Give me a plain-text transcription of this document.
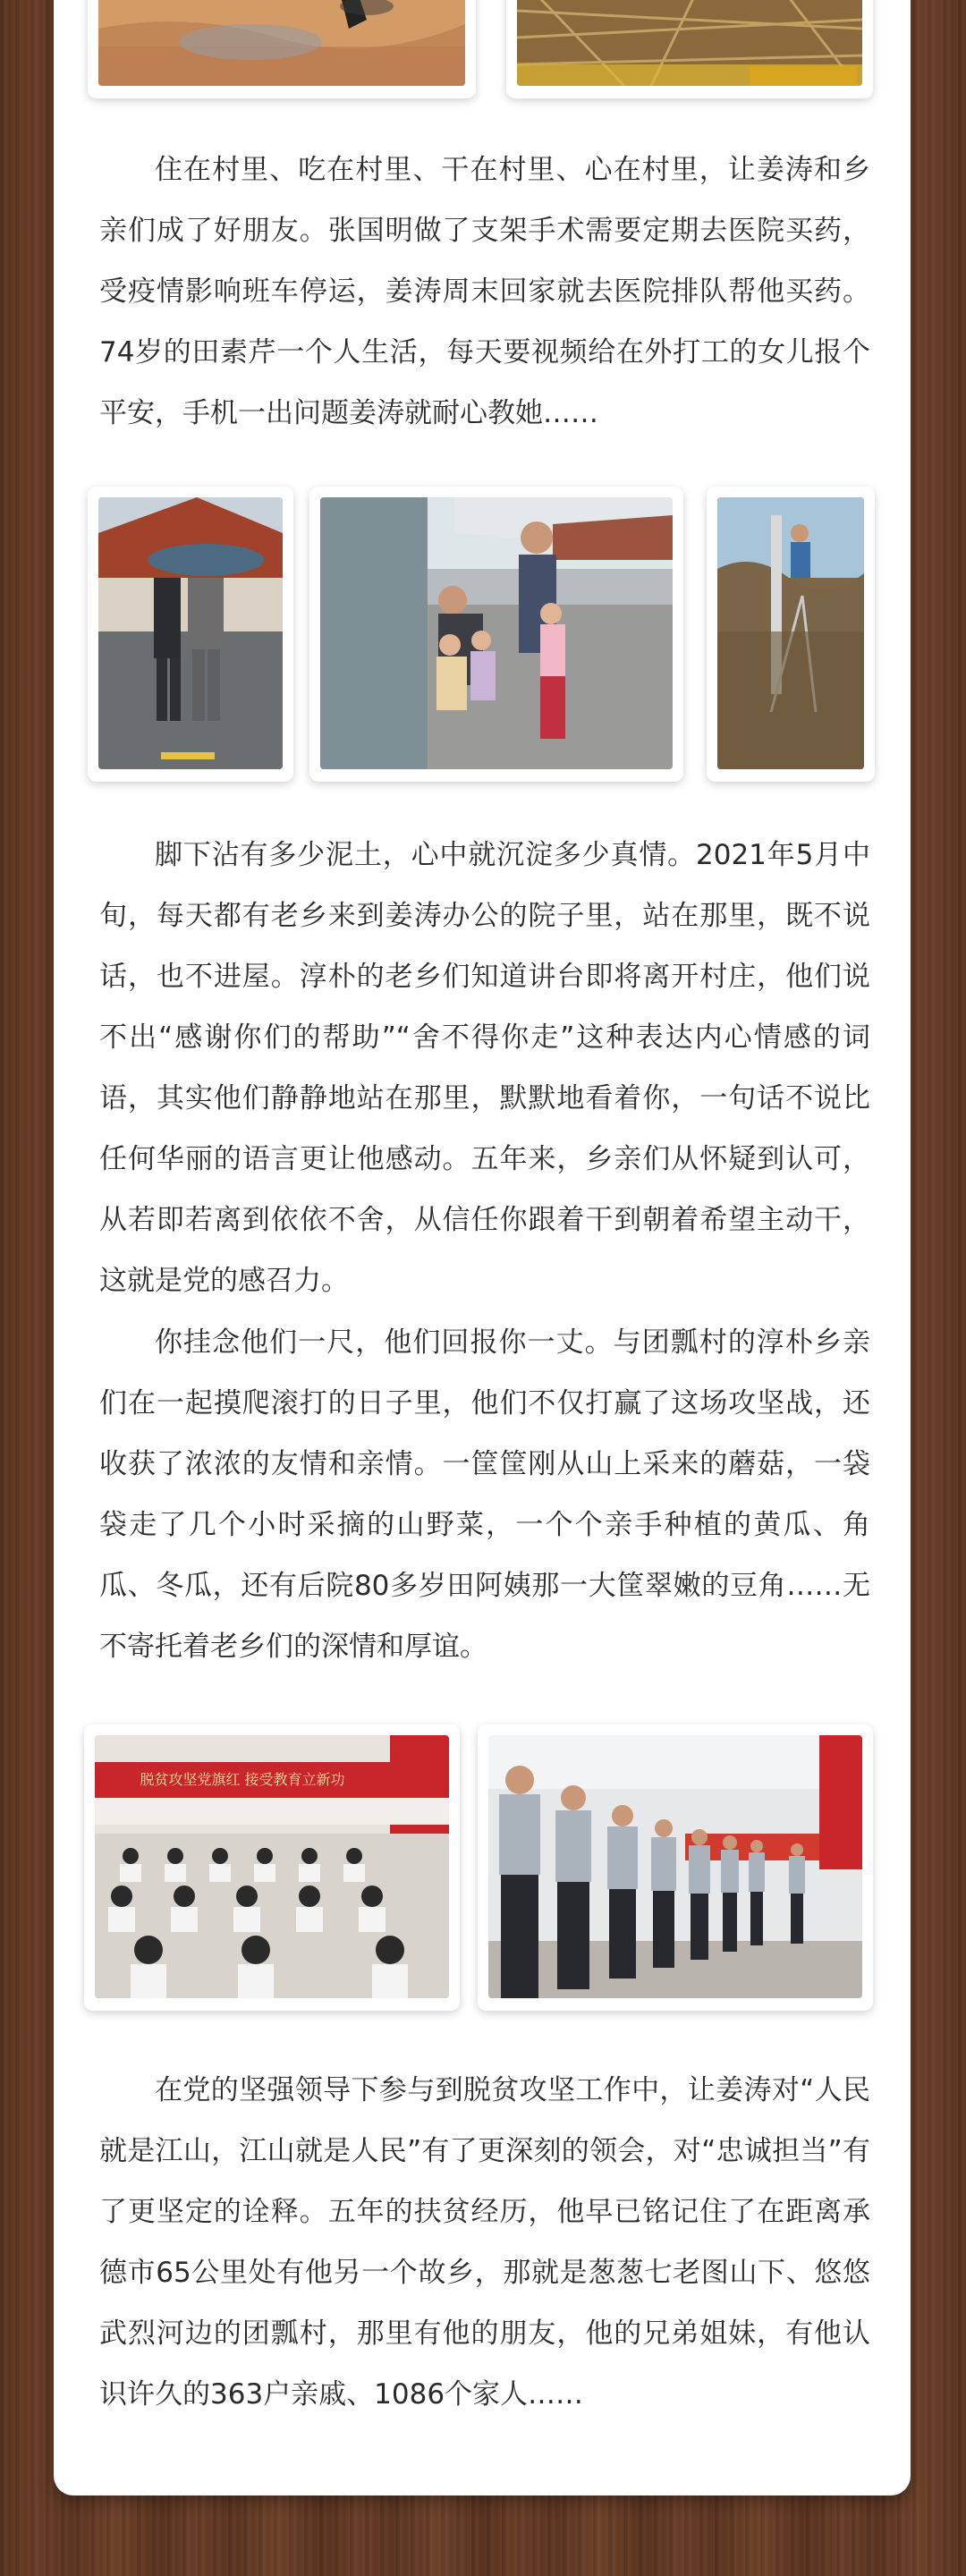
住在村里、吃在村里、干在村里、心在村里，让姜涛和乡亲们成了好朋友。张国明做了支架手术需要定期去医院买药，受疫情影响班车停运，姜涛周末回家就去医院排队帮他买药。74岁的田素芹一个人生活，每天要视频给在外打工的女儿报个平安，手机一出问题姜涛就耐心教她……

脚下沾有多少泥土，心中就沉淀多少真情。2021年5月中旬，每天都有老乡来到姜涛办公的院子里，站在那里，既不说话，也不进屋。淳朴的老乡们知道讲台即将离开村庄，他们说不出“感谢你们的帮助”“舍不得你走”这种表达内心情感的词语，其实他们静静地站在那里，默默地看着你，一句话不说比任何华丽的语言更让他感动。五年来，乡亲们从怀疑到认可，从若即若离到依依不舍，从信任你跟着干到朝着希望主动干，这就是党的感召力。

你挂念他们一尺，他们回报你一丈。与团瓢村的淳朴乡亲们在一起摸爬滚打的日子里，他们不仅打赢了这场攻坚战，还收获了浓浓的友情和亲情。一筐筐刚从山上采来的蘑菇，一袋袋走了几个小时采摘的山野菜，一个个亲手种植的黄瓜、角瓜、冬瓜，还有后院80多岁田阿姨那一大筐翠嫩的豆角……无不寄托着老乡们的深情和厚谊。

脱贫攻坚党旗红 接受教育立新功

在党的坚强领导下参与到脱贫攻坚工作中，让姜涛对“人民就是江山，江山就是人民”有了更深刻的领会，对“忠诚担当”有了更坚定的诠释。五年的扶贫经历，他早已铭记住了在距离承德市65公里处有他另一个故乡，那就是葱葱七老图山下、悠悠武烈河边的团瓢村，那里有他的朋友，他的兄弟姐妹，有他认识许久的363户亲戚、1086个家人……
